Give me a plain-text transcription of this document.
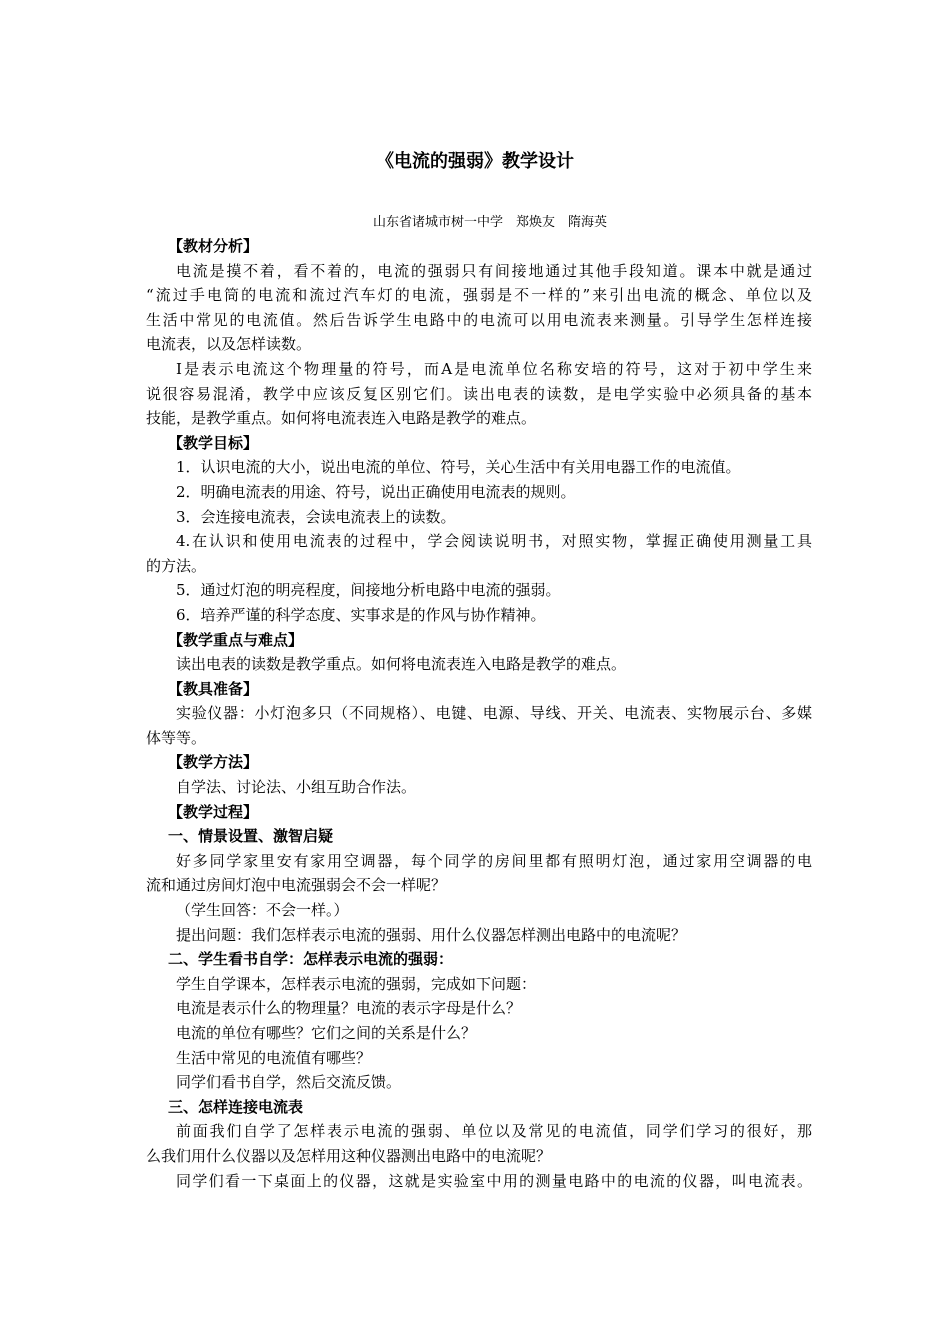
《电流的强弱》教学设计
山东省诸城市树一中学　郑焕友　隋海英
【教材分析】
电流是摸不着，看不着的，电流的强弱只有间接地通过其他手段知道。课本中就是通过
“流过手电筒的电流和流过汽车灯的电流，强弱是不一样的”来引出电流的概念、单位以及
生活中常见的电流值。然后告诉学生电路中的电流可以用电流表来测量。引导学生怎样连接
电流表，以及怎样读数。
I是表示电流这个物理量的符号，而A是电流单位名称安培的符号，这对于初中学生来
说很容易混淆，教学中应该反复区别它们。读出电表的读数，是电学实验中必须具备的基本
技能，是教学重点。如何将电流表连入电路是教学的难点。
【教学目标】
1．认识电流的大小，说出电流的单位、符号，关心生活中有关用电器工作的电流值。
2．明确电流表的用途、符号，说出正确使用电流表的规则。
3．会连接电流表，会读电流表上的读数。
4.在认识和使用电流表的过程中，学会阅读说明书，对照实物，掌握正确使用测量工具
的方法。
5．通过灯泡的明亮程度，间接地分析电路中电流的强弱。
6．培养严谨的科学态度、实事求是的作风与协作精神。
【教学重点与难点】
读出电表的读数是教学重点。如何将电流表连入电路是教学的难点。
【教具准备】
实验仪器：小灯泡多只（不同规格）、电键、电源、导线、开关、电流表、实物展示台、多媒
体等等。
【教学方法】
自学法、讨论法、小组互助合作法。
【教学过程】
一、情景设置、激智启疑
好多同学家里安有家用空调器，每个同学的房间里都有照明灯泡，通过家用空调器的电
流和通过房间灯泡中电流强弱会不会一样呢？
（学生回答：不会一样。）
提出问题：我们怎样表示电流的强弱、用什么仪器怎样测出电路中的电流呢？
二、学生看书自学：怎样表示电流的强弱：
学生自学课本，怎样表示电流的强弱，完成如下问题：
电流是表示什么的物理量？电流的表示字母是什么？
电流的单位有哪些？它们之间的关系是什么？
生活中常见的电流值有哪些？
同学们看书自学，然后交流反馈。
三、怎样连接电流表
前面我们自学了怎样表示电流的强弱、单位以及常见的电流值，同学们学习的很好，那
么我们用什么仪器以及怎样用这种仪器测出电路中的电流呢？
同学们看一下桌面上的仪器，这就是实验室中用的测量电路中的电流的仪器，叫电流表。
